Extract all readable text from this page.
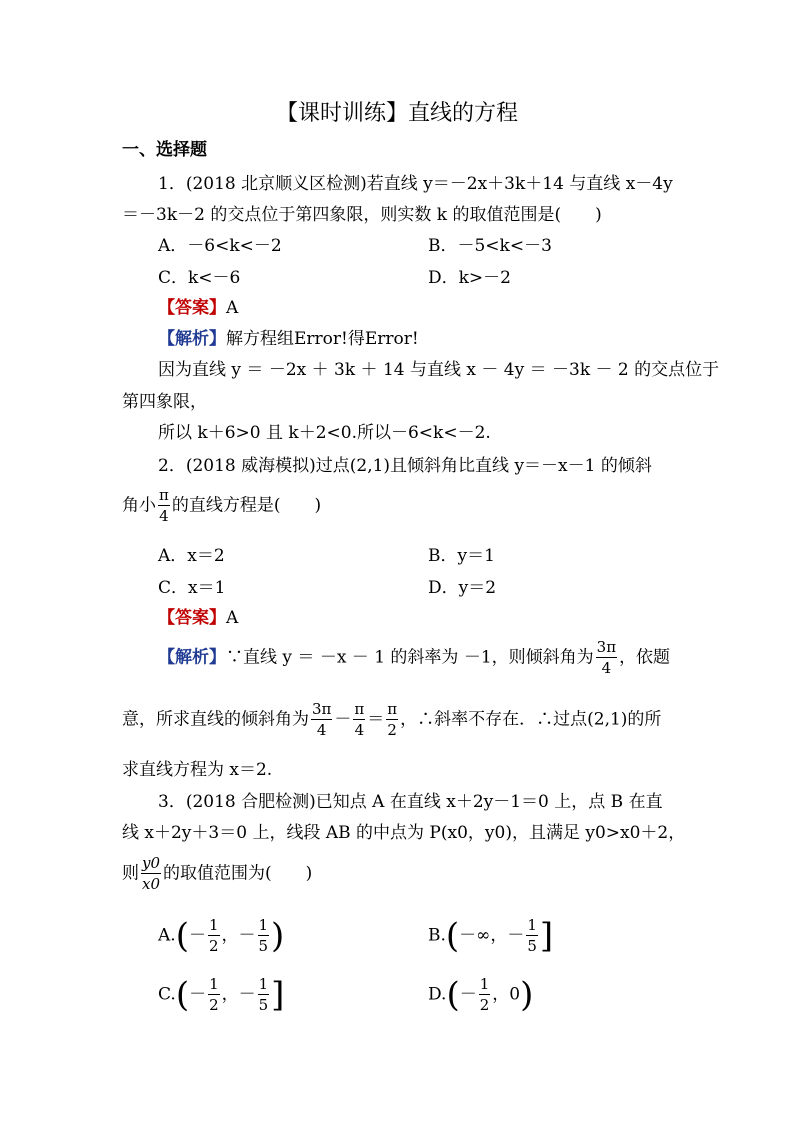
【课时训练】直线的方程
一、选择题
1．(2018 北京顺义区检测)若直线 y＝－2x＋3k＋14 与直线 x－4y
＝－3k－2 的交点位于第四象限，则实数 k 的取值范围是(　　)
A．－6<k<－2	B．－5<k<－3
C．k<－6	D．k>－2
【答案】A
【解析】解方程组Error!得Error!
因为直线 y ＝ －2x ＋ 3k ＋ 14 与直线 x － 4y ＝ －3k － 2 的交点位于
第四象限，
所以 k＋6>0 且 k＋2<0.所以－6<k<－2.
2．(2018 威海模拟)过点(2,1)且倾斜角比直线 y＝－x－1 的倾斜
角小 $\frac{\pi}{4}$ 的直线方程是(　　)
A．x＝2	B．y＝1
C．x＝1	D．y＝2
【答案】A
【解析】∵直线 y ＝ －x － 1 的斜率为 －1，则倾斜角为 $\frac{3\pi}{4}$ ，依题
意，所求直线的倾斜角为 $\frac{3\pi}{4} - \frac{\pi}{4} = \frac{\pi}{2}$ ，∴斜率不存在．∴过点(2,1)的所
求直线方程为 x＝2.
3．(2018 合肥检测)已知点 A 在直线 x＋2y－1＝0 上，点 B 在直
线 x＋2y＋3＝0 上，线段 AB 的中点为 P(x0，y0)，且满足 y0>x0＋2，
则 $\frac{y0}{x0}$ 的取值范围为(　　)
$A.(- \frac{1}{2}$ ，－ $\frac{1}{5}$ )	B.(－∞，－ $\frac{1}{5}$ ]
$C.(- \frac{1}{2}$ ，－ $\frac{1}{5}$ ]	$D.(- \frac{1}{2}$ ，0)
